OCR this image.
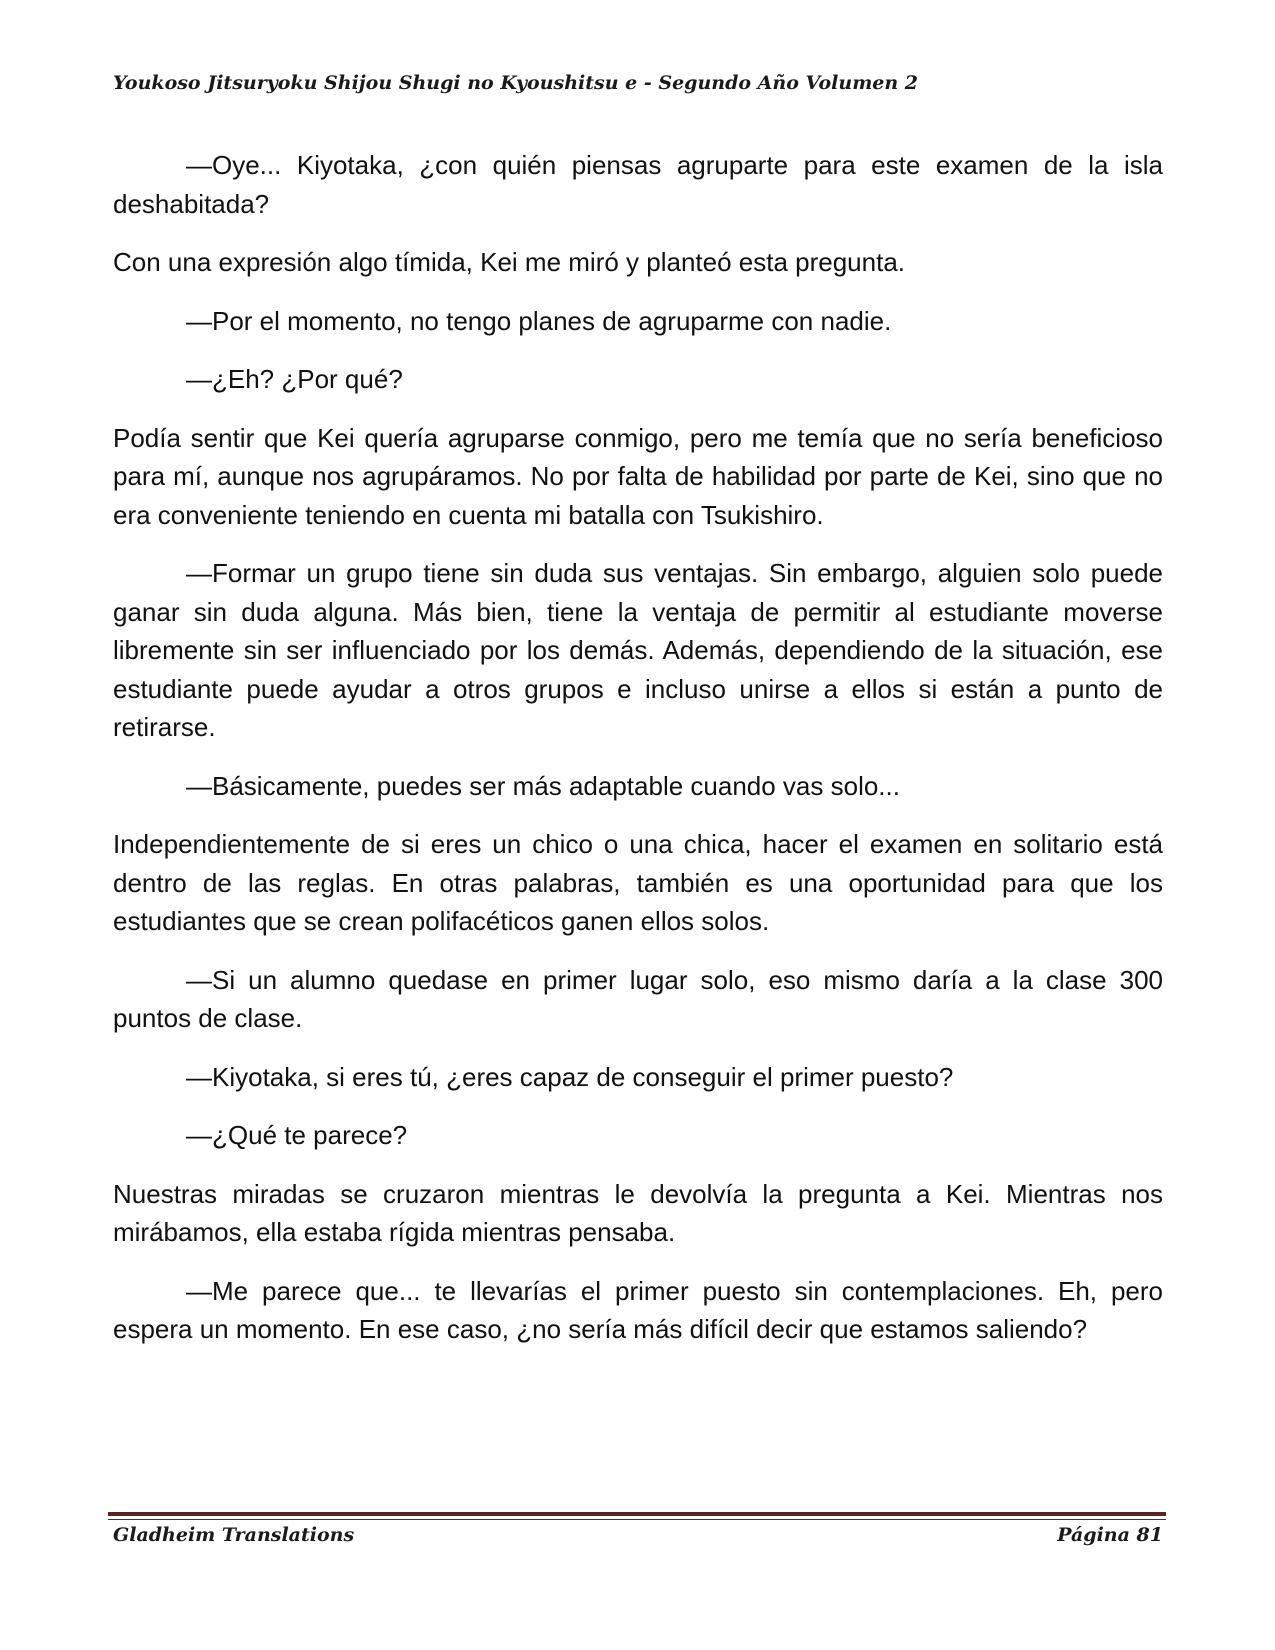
Youkoso Jitsuryoku Shijou Shugi no Kyoushitsu e - Segundo Año Volumen 2

—Oye... Kiyotaka, ¿con quién piensas agruparte para este examen de la isla deshabitada?

Con una expresión algo tímida, Kei me miró y planteó esta pregunta.

—Por el momento, no tengo planes de agruparme con nadie.

—¿Eh? ¿Por qué?

Podía sentir que Kei quería agruparse conmigo, pero me temía que no sería beneficioso para mí, aunque nos agrupáramos. No por falta de habilidad por parte de Kei, sino que no era conveniente teniendo en cuenta mi batalla con Tsukishiro.

—Formar un grupo tiene sin duda sus ventajas. Sin embargo, alguien solo puede ganar sin duda alguna. Más bien, tiene la ventaja de permitir al estudiante moverse libremente sin ser influenciado por los demás. Además, dependiendo de la situación, ese estudiante puede ayudar a otros grupos e incluso unirse a ellos si están a punto de retirarse.

—Básicamente, puedes ser más adaptable cuando vas solo...

Independientemente de si eres un chico o una chica, hacer el examen en solitario está dentro de las reglas. En otras palabras, también es una oportunidad para que los estudiantes que se crean polifacéticos ganen ellos solos.

—Si un alumno quedase en primer lugar solo, eso mismo daría a la clase 300 puntos de clase.

—Kiyotaka, si eres tú, ¿eres capaz de conseguir el primer puesto?

—¿Qué te parece?

Nuestras miradas se cruzaron mientras le devolvía la pregunta a Kei. Mientras nos mirábamos, ella estaba rígida mientras pensaba.

—Me parece que... te llevarías el primer puesto sin contemplaciones. Eh, pero espera un momento. En ese caso, ¿no sería más difícil decir que estamos saliendo?

Gladheim Translations	Página 81
